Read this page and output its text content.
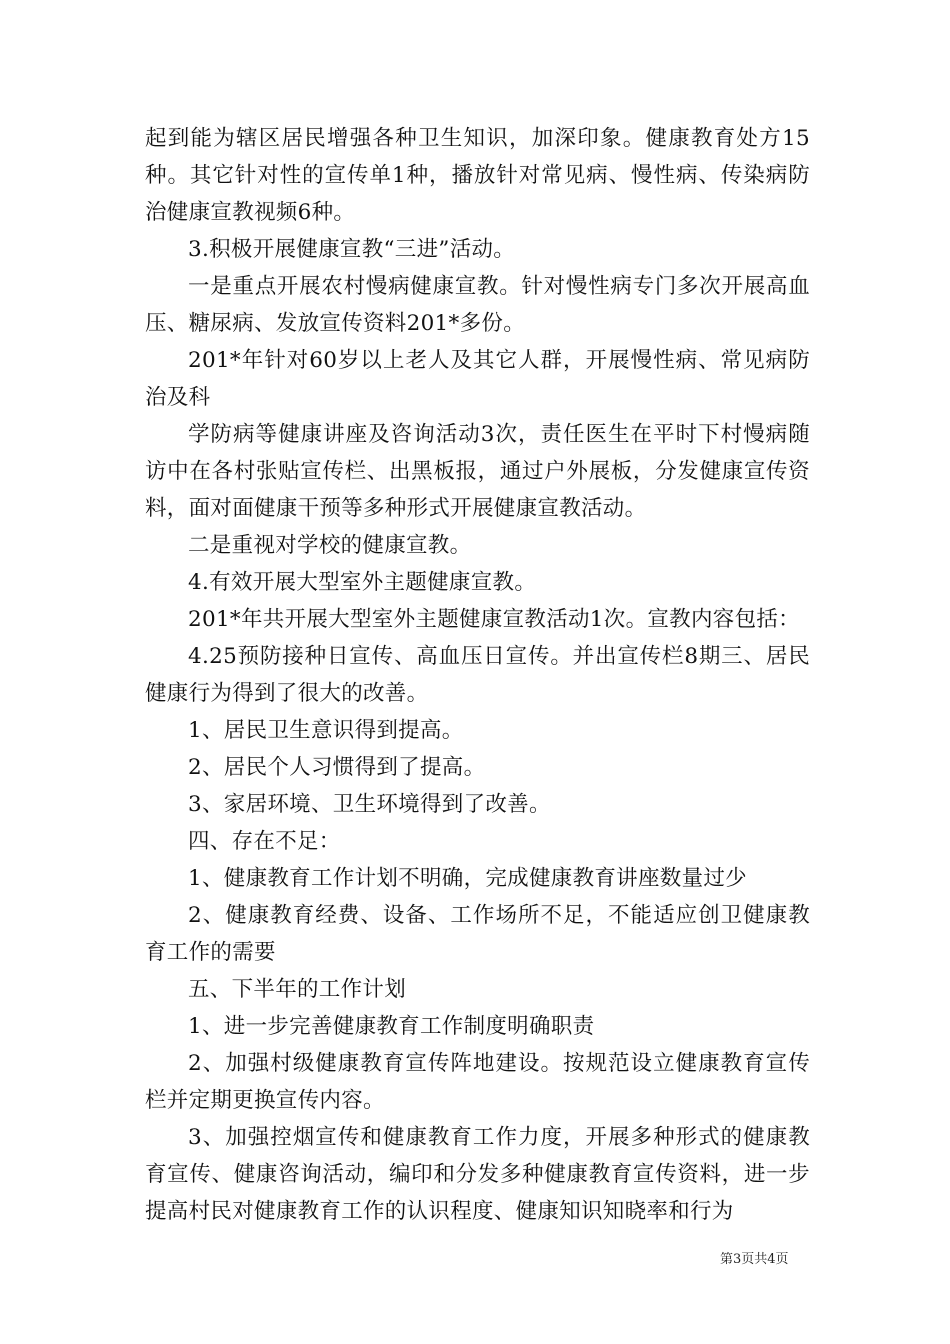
起到能为辖区居民增强各种卫生知识，加深印象。健康教育处方15种。其它针对性的宣传单1种，播放针对常见病、慢性病、传染病防治健康宣教视频6种。

3.积极开展健康宣教“三进”活动。

一是重点开展农村慢病健康宣教。针对慢性病专门多次开展高血压、糖尿病、发放宣传资料201*多份。

201*年针对60岁以上老人及其它人群，开展慢性病、常见病防治及科

学防病等健康讲座及咨询活动3次，责任医生在平时下村慢病随访中在各村张贴宣传栏、出黑板报，通过户外展板，分发健康宣传资料，面对面健康干预等多种形式开展健康宣教活动。

二是重视对学校的健康宣教。

4.有效开展大型室外主题健康宣教。

201*年共开展大型室外主题健康宣教活动1次。宣教内容包括：

4.25预防接种日宣传、高血压日宣传。并出宣传栏8期三、居民健康行为得到了很大的改善。

1、居民卫生意识得到提高。

2、居民个人习惯得到了提高。

3、家居环境、卫生环境得到了改善。

四、存在不足：

1、健康教育工作计划不明确，完成健康教育讲座数量过少

2、健康教育经费、设备、工作场所不足，不能适应创卫健康教育工作的需要

五、下半年的工作计划

1、进一步完善健康教育工作制度明确职责

2、加强村级健康教育宣传阵地建设。按规范设立健康教育宣传栏并定期更换宣传内容。

3、加强控烟宣传和健康教育工作力度，开展多种形式的健康教育宣传、健康咨询活动，编印和分发多种健康教育宣传资料，进一步提高村民对健康教育工作的认识程度、健康知识知晓率和行为

第3页共4页
